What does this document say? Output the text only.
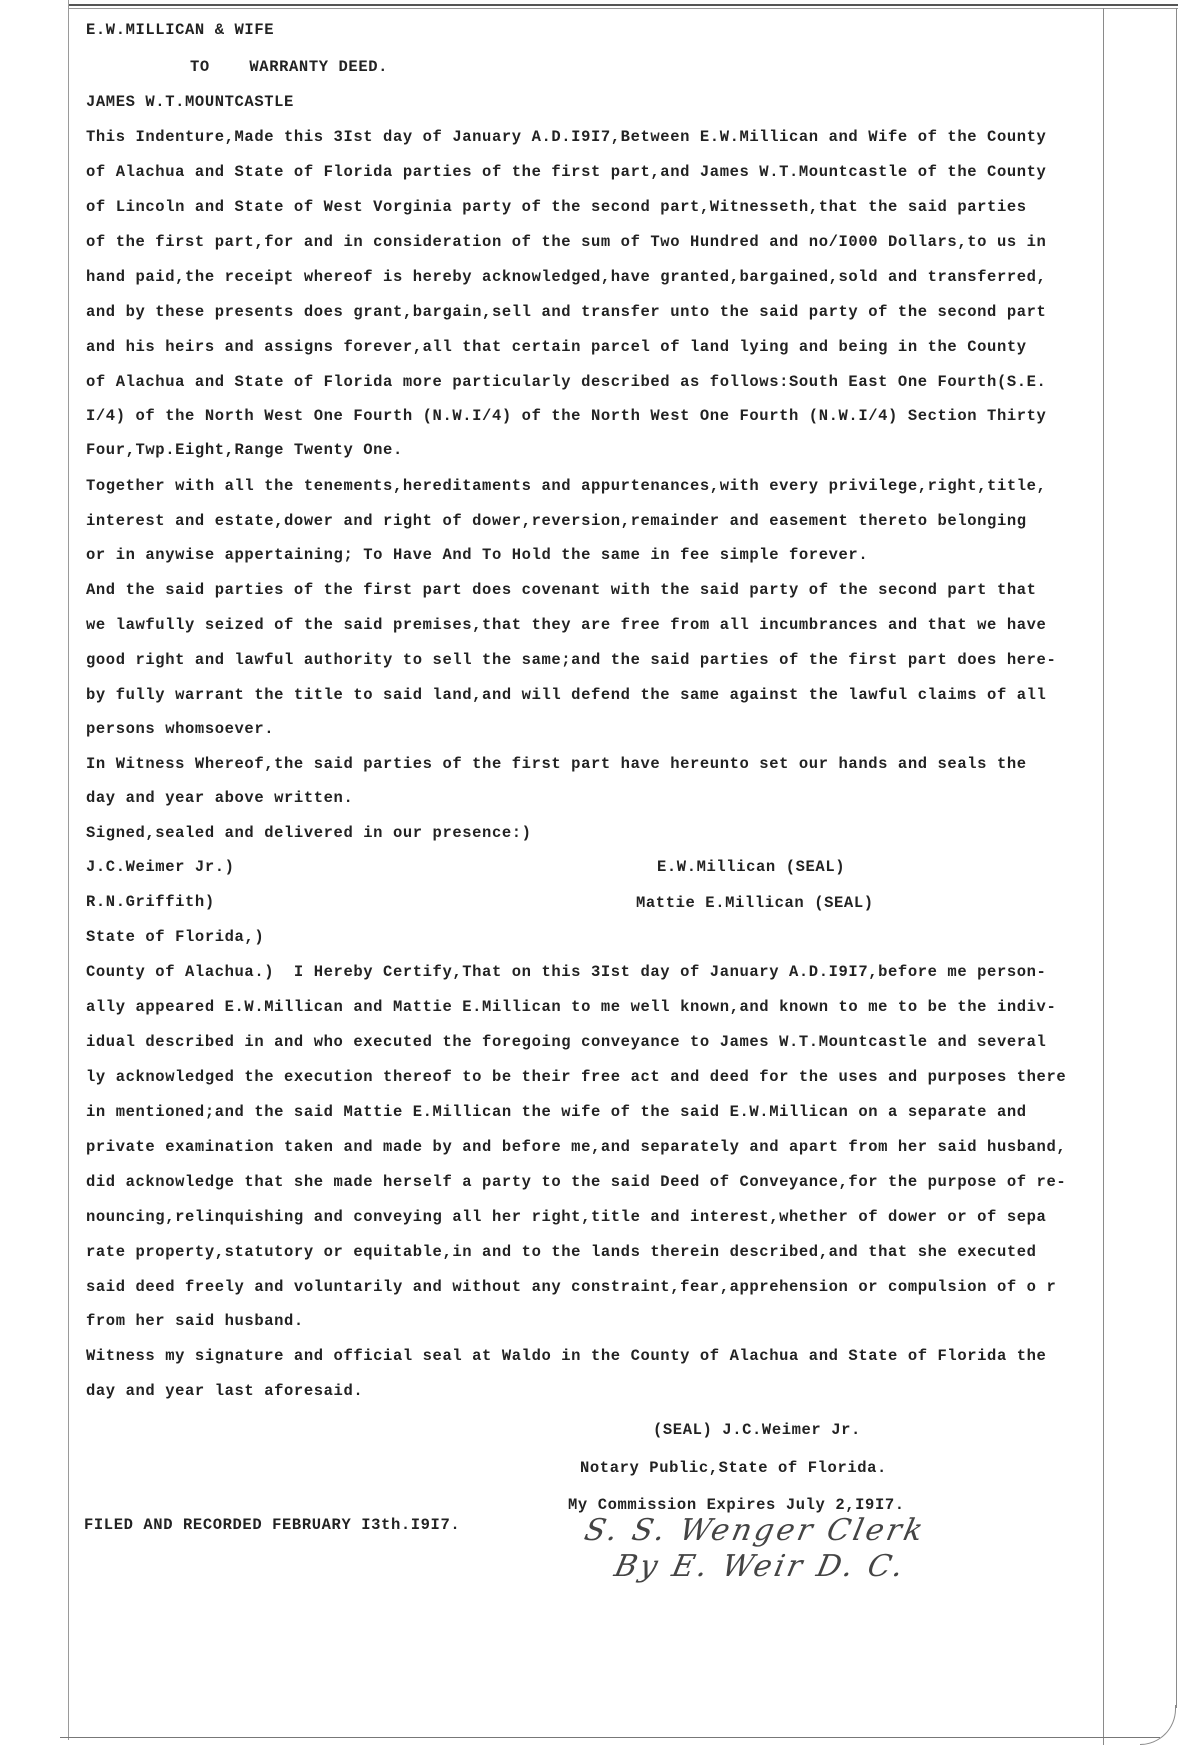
E.W.MILLICAN & WIFE
TO    WARRANTY DEED.
JAMES W.T.MOUNTCASTLE
This Indenture,Made this 3Ist day of January A.D.I9I7,Between E.W.Millican and Wife of the County
of Alachua and State of Florida parties of the first part,and James W.T.Mountcastle of the County
of Lincoln and State of West Vorginia party of the second part,Witnesseth,that the said parties
of the first part,for and in consideration of the sum of Two Hundred and no/I000 Dollars,to us in
hand paid,the receipt whereof is hereby acknowledged,have granted,bargained,sold and transferred,
and by these presents does grant,bargain,sell and transfer unto the said party of the second part
and his heirs and assigns forever,all that certain parcel of land lying and being in the County
of Alachua and State of Florida more particularly described as follows:South East One Fourth(S.E.
I/4) of the North West One Fourth (N.W.I/4) of the North West One Fourth (N.W.I/4) Section Thirty
Four,Twp.Eight,Range Twenty One.
Together with all the tenements,hereditaments and appurtenances,with every privilege,right,title,
interest and estate,dower and right of dower,reversion,remainder and easement thereto belonging
or in anywise appertaining; To Have And To Hold the same in fee simple forever.
And the said parties of the first part does covenant with the said party of the second part that
we lawfully seized of the said premises,that they are free from all incumbrances and that we have
good right and lawful authority to sell the same;and the said parties of the first part does here-
by fully warrant the title to said land,and will defend the same against the lawful claims of all
persons whomsoever.
In Witness Whereof,the said parties of the first part have hereunto set our hands and seals the
day and year above written.
Signed,sealed and delivered in our presence:)
J.C.Weimer Jr.)
R.N.Griffith)
E.W.Millican (SEAL)
Mattie E.Millican (SEAL)
State of Florida,)
County of Alachua.)  I Hereby Certify,That on this 3Ist day of January A.D.I9I7,before me person-
ally appeared E.W.Millican and Mattie E.Millican to me well known,and known to me to be the indiv-
idual described in and who executed the foregoing conveyance to James W.T.Mountcastle and several
ly acknowledged the execution thereof to be their free act and deed for the uses and purposes there
in mentioned;and the said Mattie E.Millican the wife of the said E.W.Millican on a separate and
private examination taken and made by and before me,and separately and apart from her said husband,
did acknowledge that she made herself a party to the said Deed of Conveyance,for the purpose of re-
nouncing,relinquishing and conveying all her right,title and interest,whether of dower or of sepa
rate property,statutory or equitable,in and to the lands therein described,and that she executed
said deed freely and voluntarily and without any constraint,fear,apprehension or compulsion of o r
from her said husband.
Witness my signature and official seal at Waldo in the County of Alachua and State of Florida the
day and year last aforesaid.
(SEAL) J.C.Weimer Jr.
Notary Public,State of Florida.
My Commission Expires July 2,I9I7.
S. S. Wenger Clerk
By E. Weir D. C.
FILED AND RECORDED FEBRUARY I3th.I9I7.
